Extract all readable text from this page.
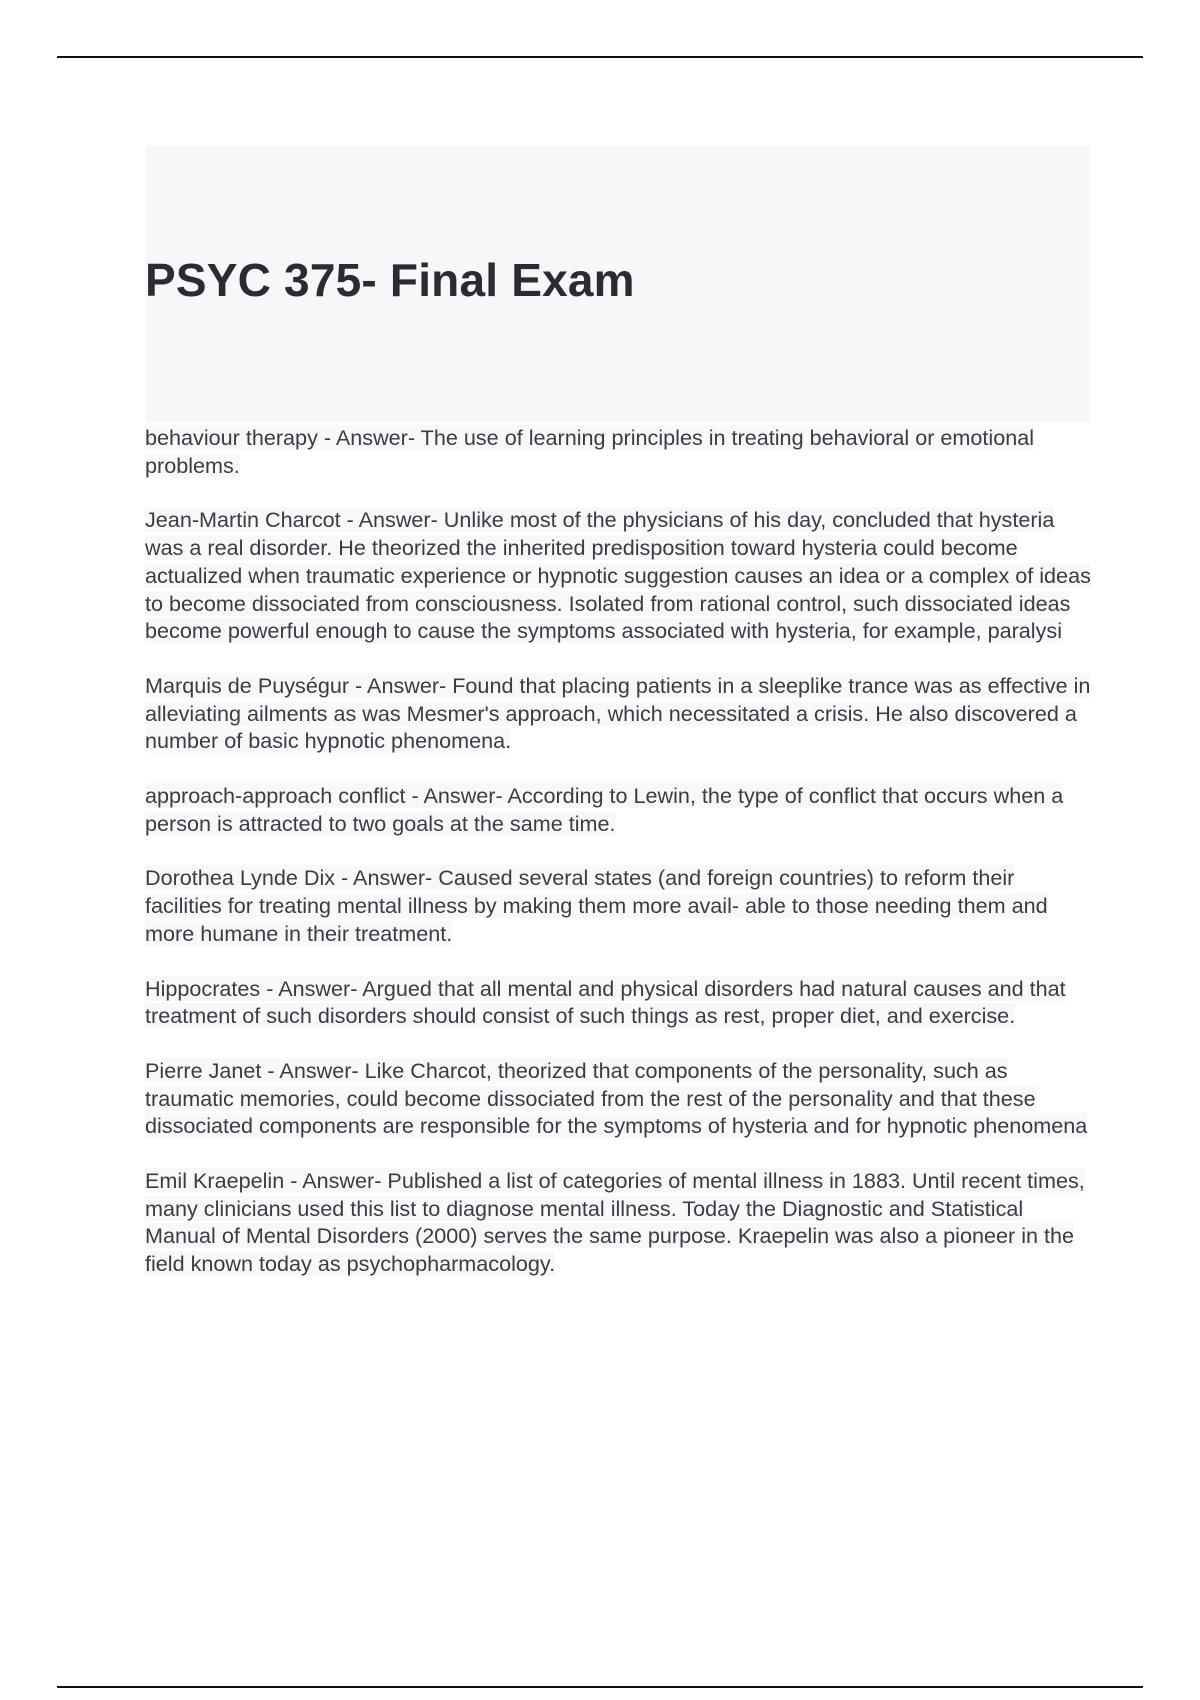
PSYC 375- Final Exam
behaviour therapy - Answer- The use of learning principles in treating behavioral or emotional problems.
Jean-Martin Charcot - Answer- Unlike most of the physicians of his day, concluded that hysteria was a real disorder. He theorized the inherited predisposition toward hysteria could become actualized when traumatic experience or hypnotic suggestion causes an idea or a complex of ideas to become dissociated from consciousness. Isolated from rational control, such dissociated ideas become powerful enough to cause the symptoms associated with hysteria, for example, paralysi
Marquis de Puységur - Answer- Found that placing patients in a sleeplike trance was as effective in alleviating ailments as was Mesmer's approach, which necessitated a crisis. He also discovered a number of basic hypnotic phenomena.
approach-approach conflict - Answer- According to Lewin, the type of conflict that occurs when a person is attracted to two goals at the same time.
Dorothea Lynde Dix - Answer- Caused several states (and foreign countries) to reform their facilities for treating mental illness by making them more avail- able to those needing them and more humane in their treatment.
Hippocrates - Answer- Argued that all mental and physical disorders had natural causes and that treatment of such disorders should consist of such things as rest, proper diet, and exercise.
Pierre Janet - Answer- Like Charcot, theorized that components of the personality, such as traumatic memories, could become dissociated from the rest of the personality and that these dissociated components are responsible for the symptoms of hysteria and for hypnotic phenomena
Emil Kraepelin - Answer- Published a list of categories of mental illness in 1883. Until recent times, many clinicians used this list to diagnose mental illness. Today the Diagnostic and Statistical Manual of Mental Disorders (2000) serves the same purpose. Kraepelin was also a pioneer in the field known today as psychopharmacology.
